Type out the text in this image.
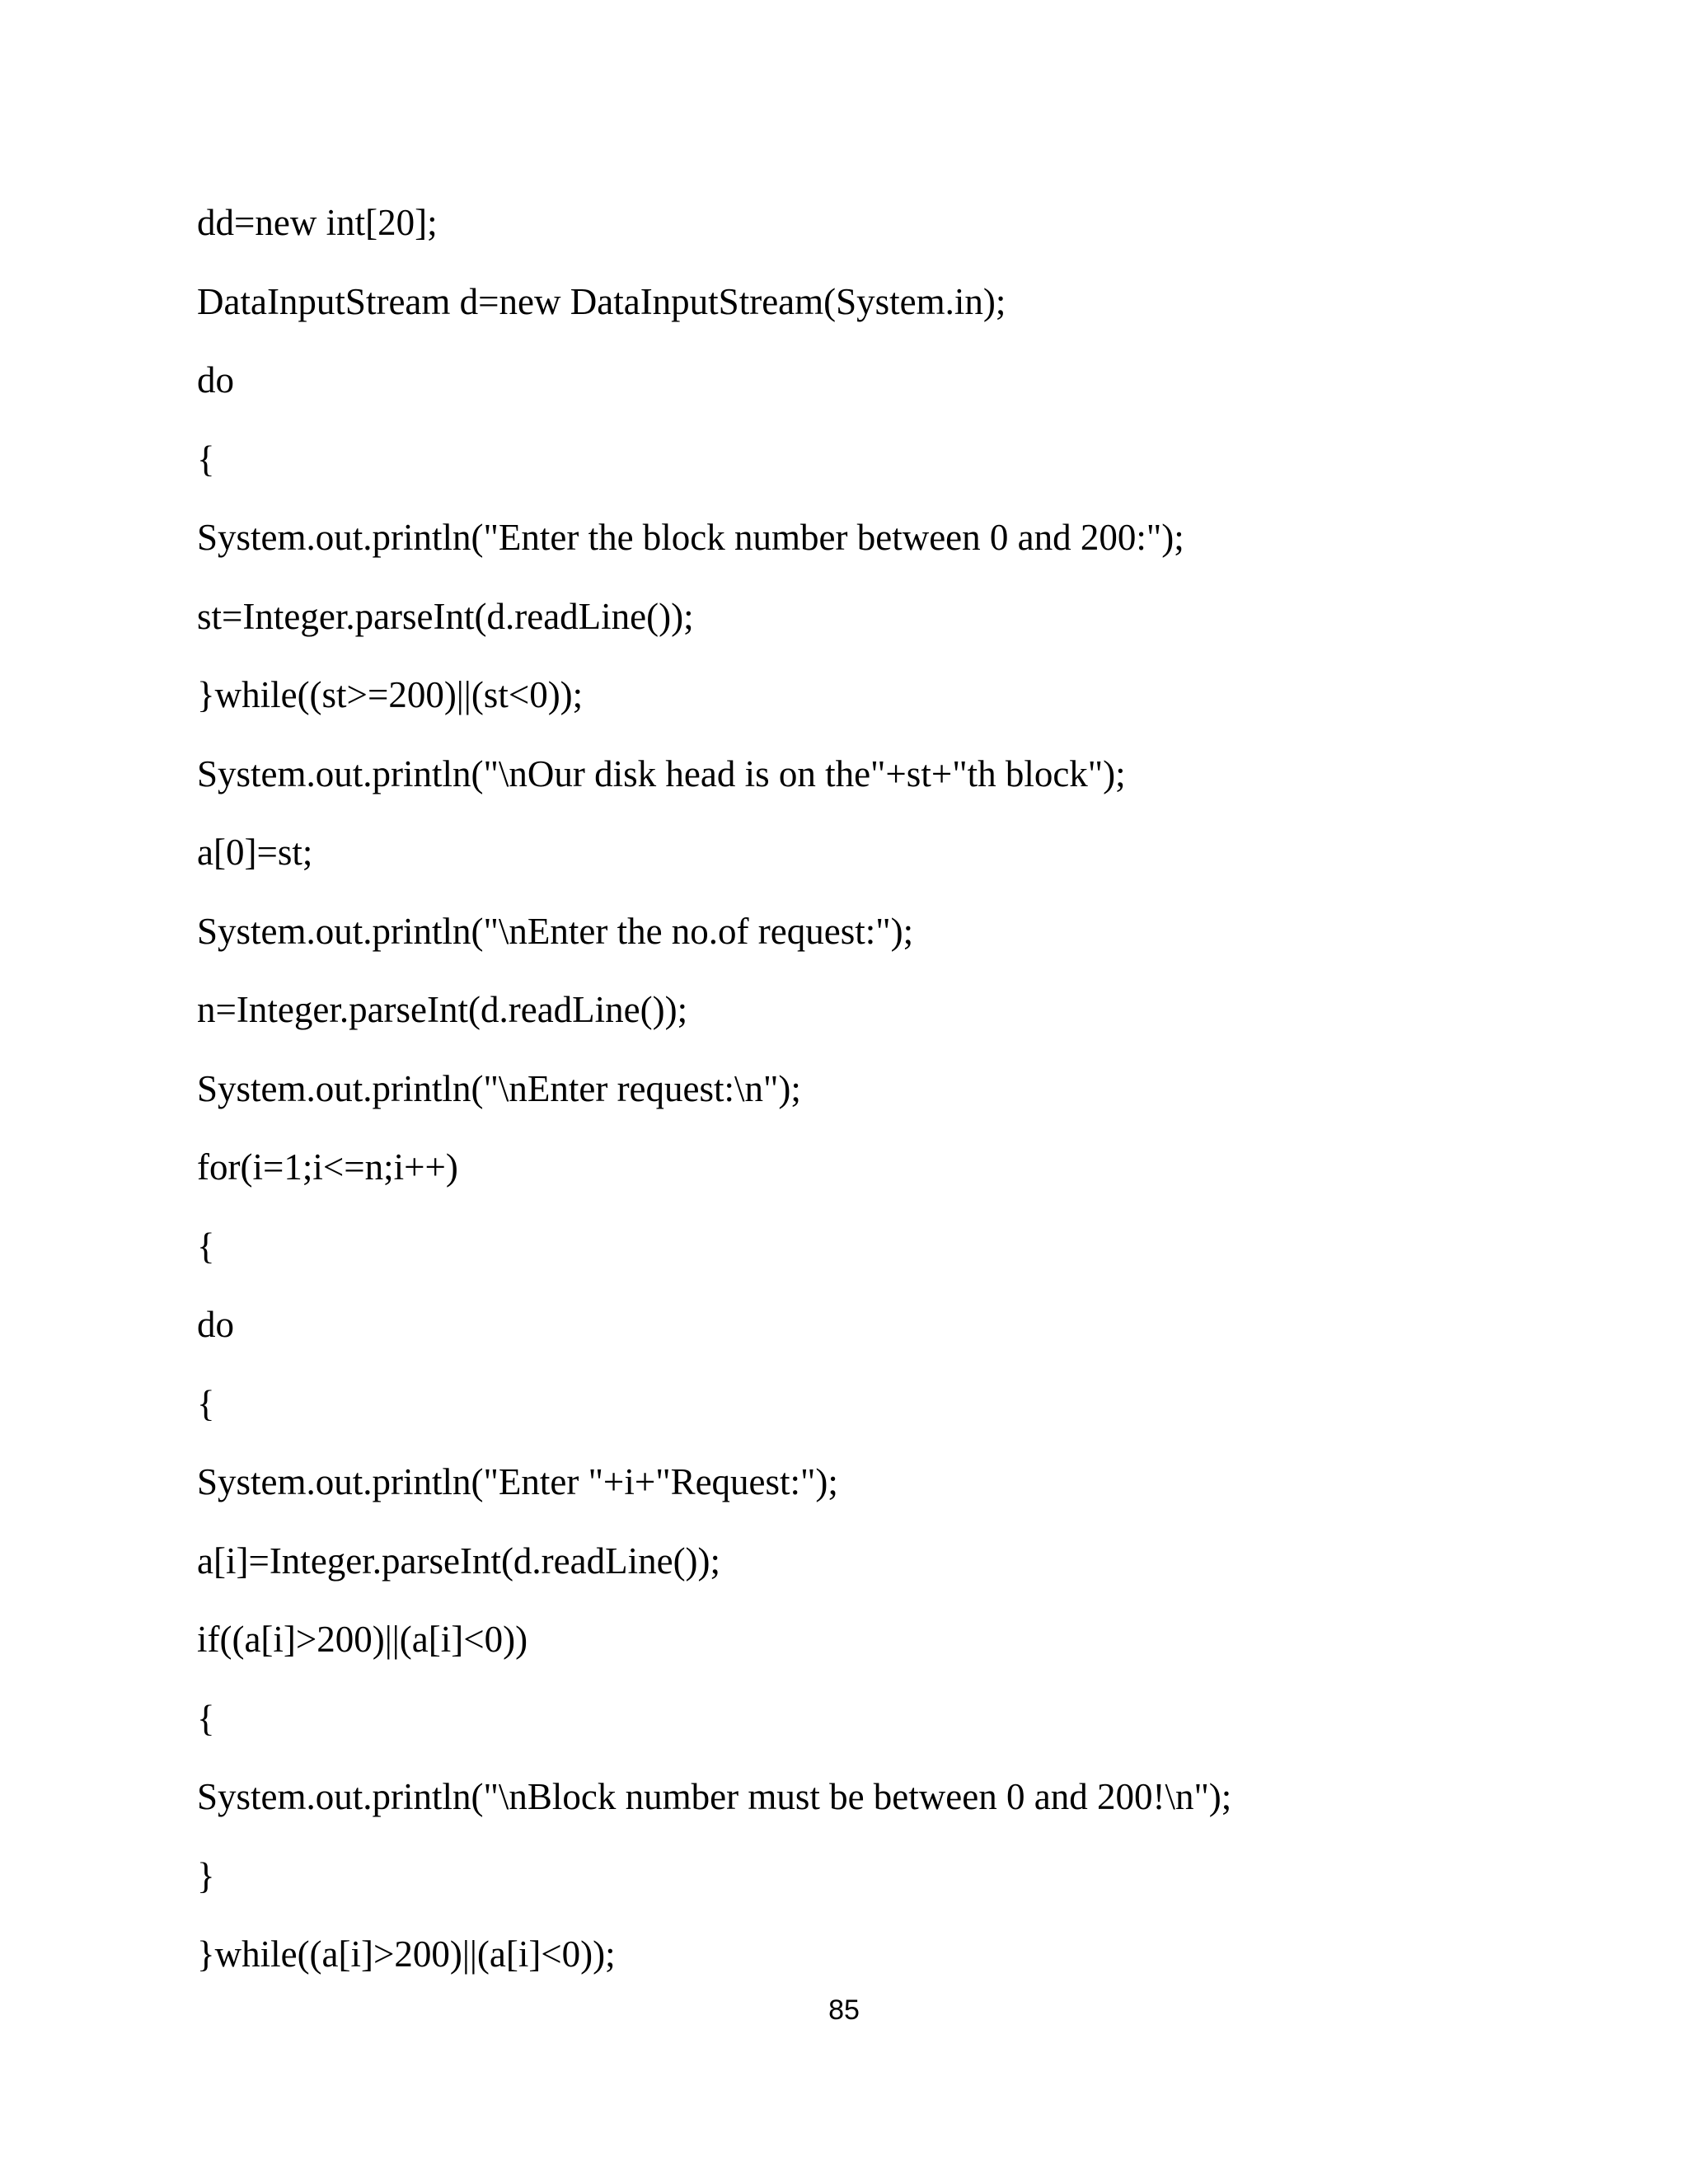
dd=new int[20];
DataInputStream d=new DataInputStream(System.in);
do
{
System.out.println("Enter the block number between 0 and 200:");
st=Integer.parseInt(d.readLine());
}while((st>=200)||(st<0));
System.out.println("\nOur disk head is on the"+st+"th block");
a[0]=st;
System.out.println("\nEnter the no.of request:");
n=Integer.parseInt(d.readLine());
System.out.println("\nEnter request:\n");
for(i=1;i<=n;i++)
{
do
{
System.out.println("Enter "+i+"Request:");
a[i]=Integer.parseInt(d.readLine());
if((a[i]>200)||(a[i]<0))
{
System.out.println("\nBlock number must be between 0 and 200!\n");
}
}while((a[i]>200)||(a[i]<0));
85
